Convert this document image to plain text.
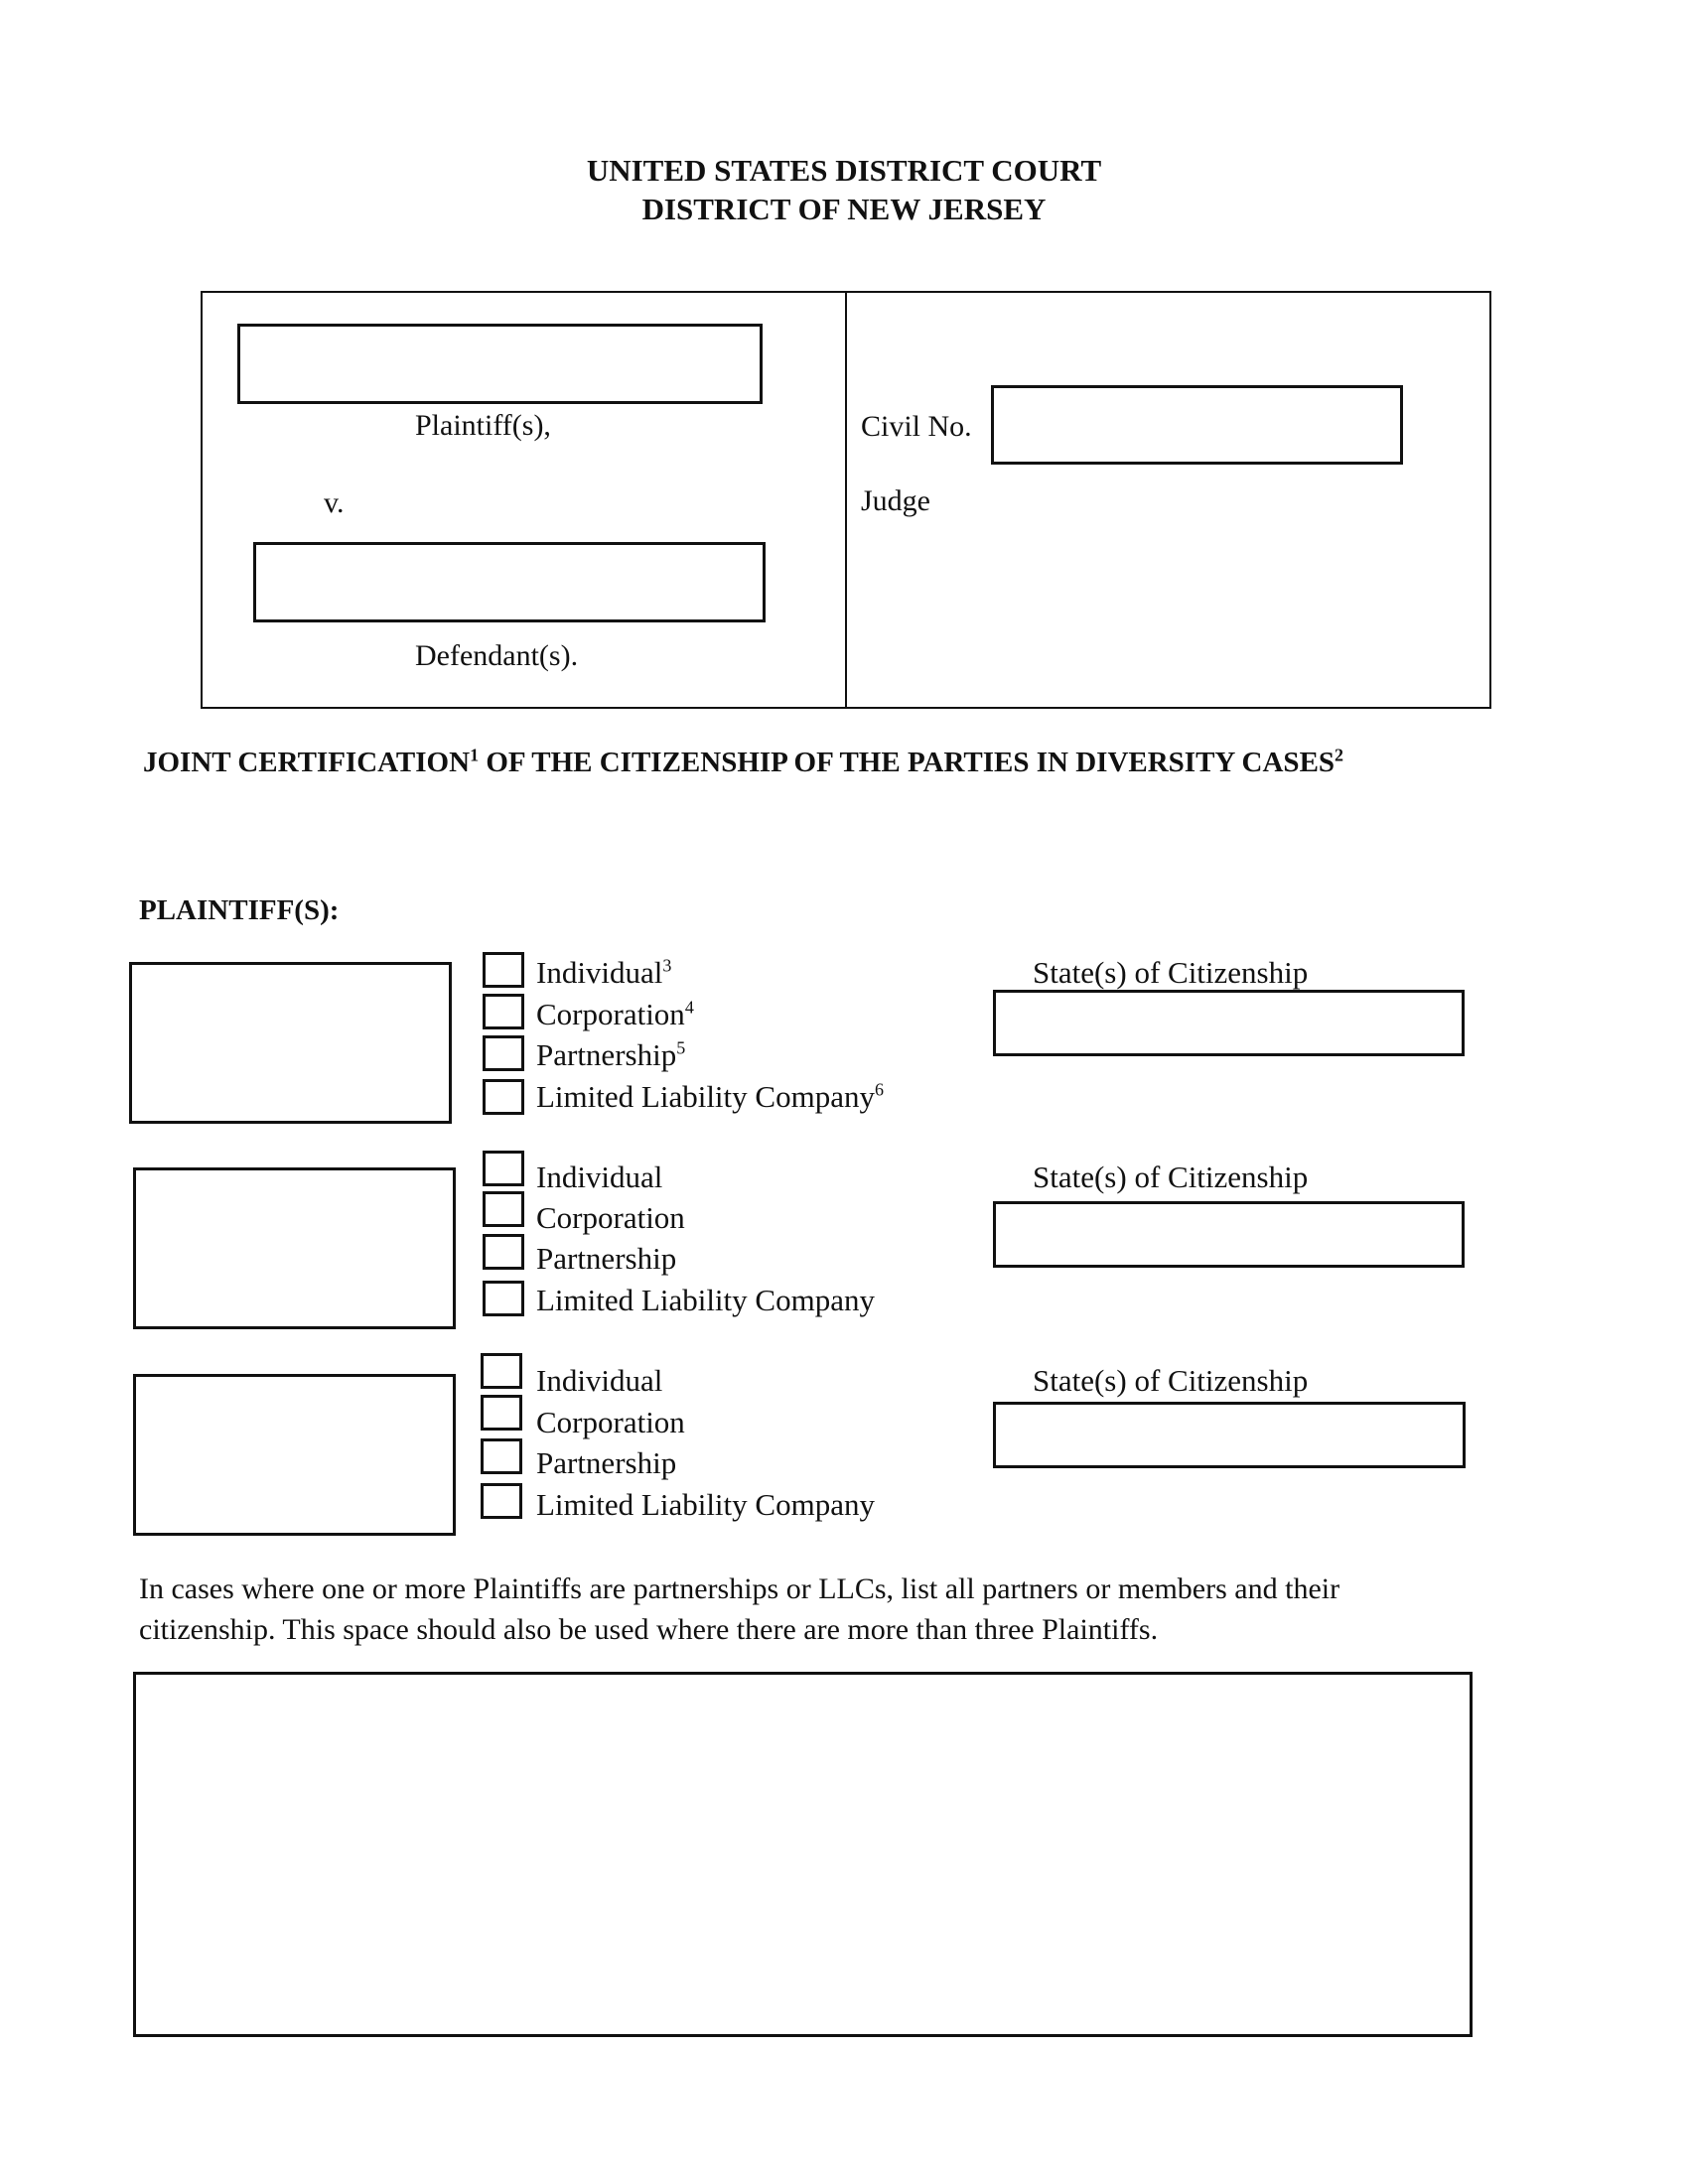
UNITED STATES DISTRICT COURT
DISTRICT OF NEW JERSEY
Plaintiff(s),
v.
Defendant(s).
Civil No.
Judge
JOINT CERTIFICATION$^1$ OF THE CITIZENSHIP OF THE PARTIES IN DIVERSITY CASES$^2$
PLAINTIFF(S):
Individual$^3$
Corporation$^4$
Partnership$^5$
Limited Liability Company$^6$
State(s) of Citizenship
Individual
Corporation
Partnership
Limited Liability Company
State(s) of Citizenship
Individual
Corporation
Partnership
Limited Liability Company
State(s) of Citizenship
In cases where one or more Plaintiffs are partnerships or LLCs, list all partners or members and their
citizenship. This space should also be used where there are more than three Plaintiffs.
